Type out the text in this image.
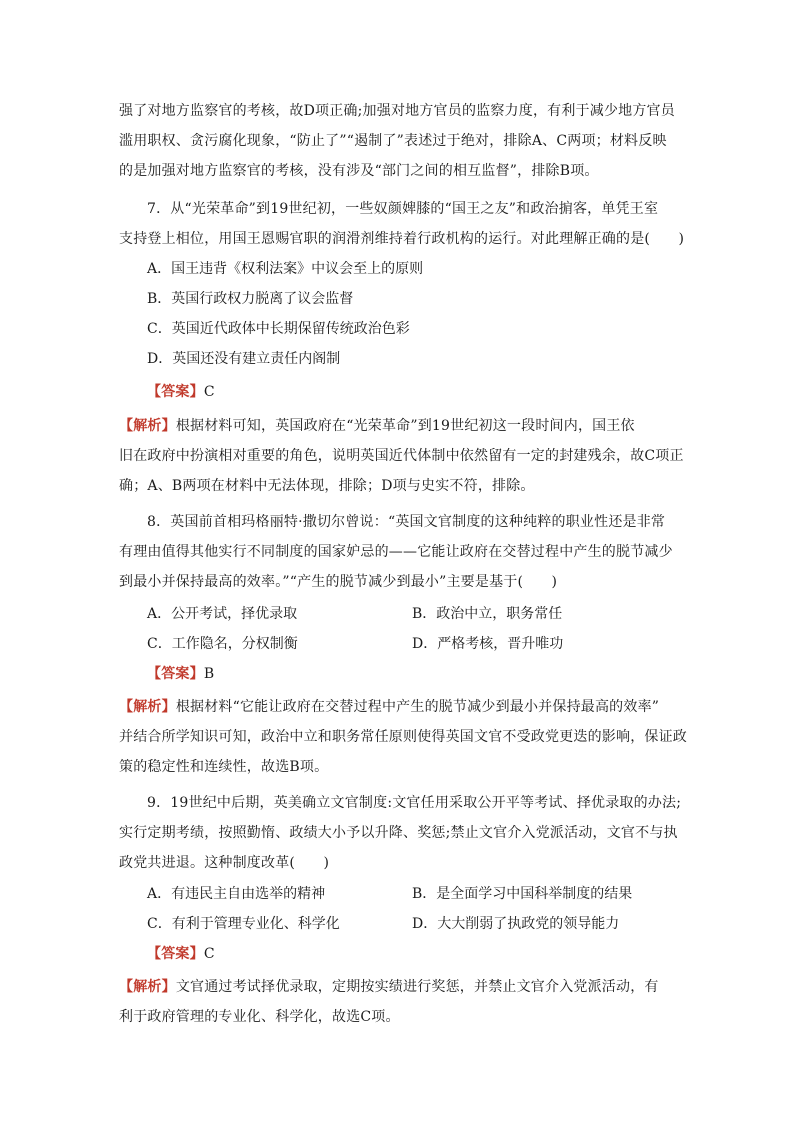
强了对地方监察官的考核，故D项正确;加强对地方官员的监察力度，有利于减少地方官员
滥用职权、贪污腐化现象，“防止了”“遏制了”表述过于绝对，排除A、C两项；材料反映
的是加强对地方监察官的考核，没有涉及“部门之间的相互监督”，排除B项。
7．从“光荣革命”到19世纪初，一些奴颜婢膝的“国王之友”和政治掮客，单凭王室
支持登上相位，用国王恩赐官职的润滑剂维持着行政机构的运行。对此理解正确的是(　　)
A．国王违背《权利法案》中议会至上的原则
B．英国行政权力脱离了议会监督
C．英国近代政体中长期保留传统政治色彩
D．英国还没有建立责任内阁制
【答案】C
【解析】根据材料可知，英国政府在“光荣革命”到19世纪初这一段时间内，国王依
旧在政府中扮演相对重要的角色，说明英国近代体制中依然留有一定的封建残余，故C项正
确；A、B两项在材料中无法体现，排除；D项与史实不符，排除。
8．英国前首相玛格丽特·撒切尔曾说：“英国文官制度的这种纯粹的职业性还是非常
有理由值得其他实行不同制度的国家妒忌的——它能让政府在交替过程中产生的脱节减少
到最小并保持最高的效率。”“产生的脱节减少到最小”主要是基于(　　)
A．公开考试，择优录取	B．政治中立，职务常任
C．工作隐名，分权制衡	D．严格考核，晋升唯功
【答案】B
【解析】根据材料“它能让政府在交替过程中产生的脱节减少到最小并保持最高的效率”
并结合所学知识可知，政治中立和职务常任原则使得英国文官不受政党更迭的影响，保证政
策的稳定性和连续性，故选B项。
9．19世纪中后期，英美确立文官制度:文官任用采取公开平等考试、择优录取的办法;
实行定期考绩，按照勤惰、政绩大小予以升降、奖惩;禁止文官介入党派活动，文官不与执
政党共进退。这种制度改革(　　)
A．有违民主自由选举的精神	B．是全面学习中国科举制度的结果
C．有利于管理专业化、科学化	D．大大削弱了执政党的领导能力
【答案】C
【解析】文官通过考试择优录取，定期按实绩进行奖惩，并禁止文官介入党派活动，有
利于政府管理的专业化、科学化，故选C项。
